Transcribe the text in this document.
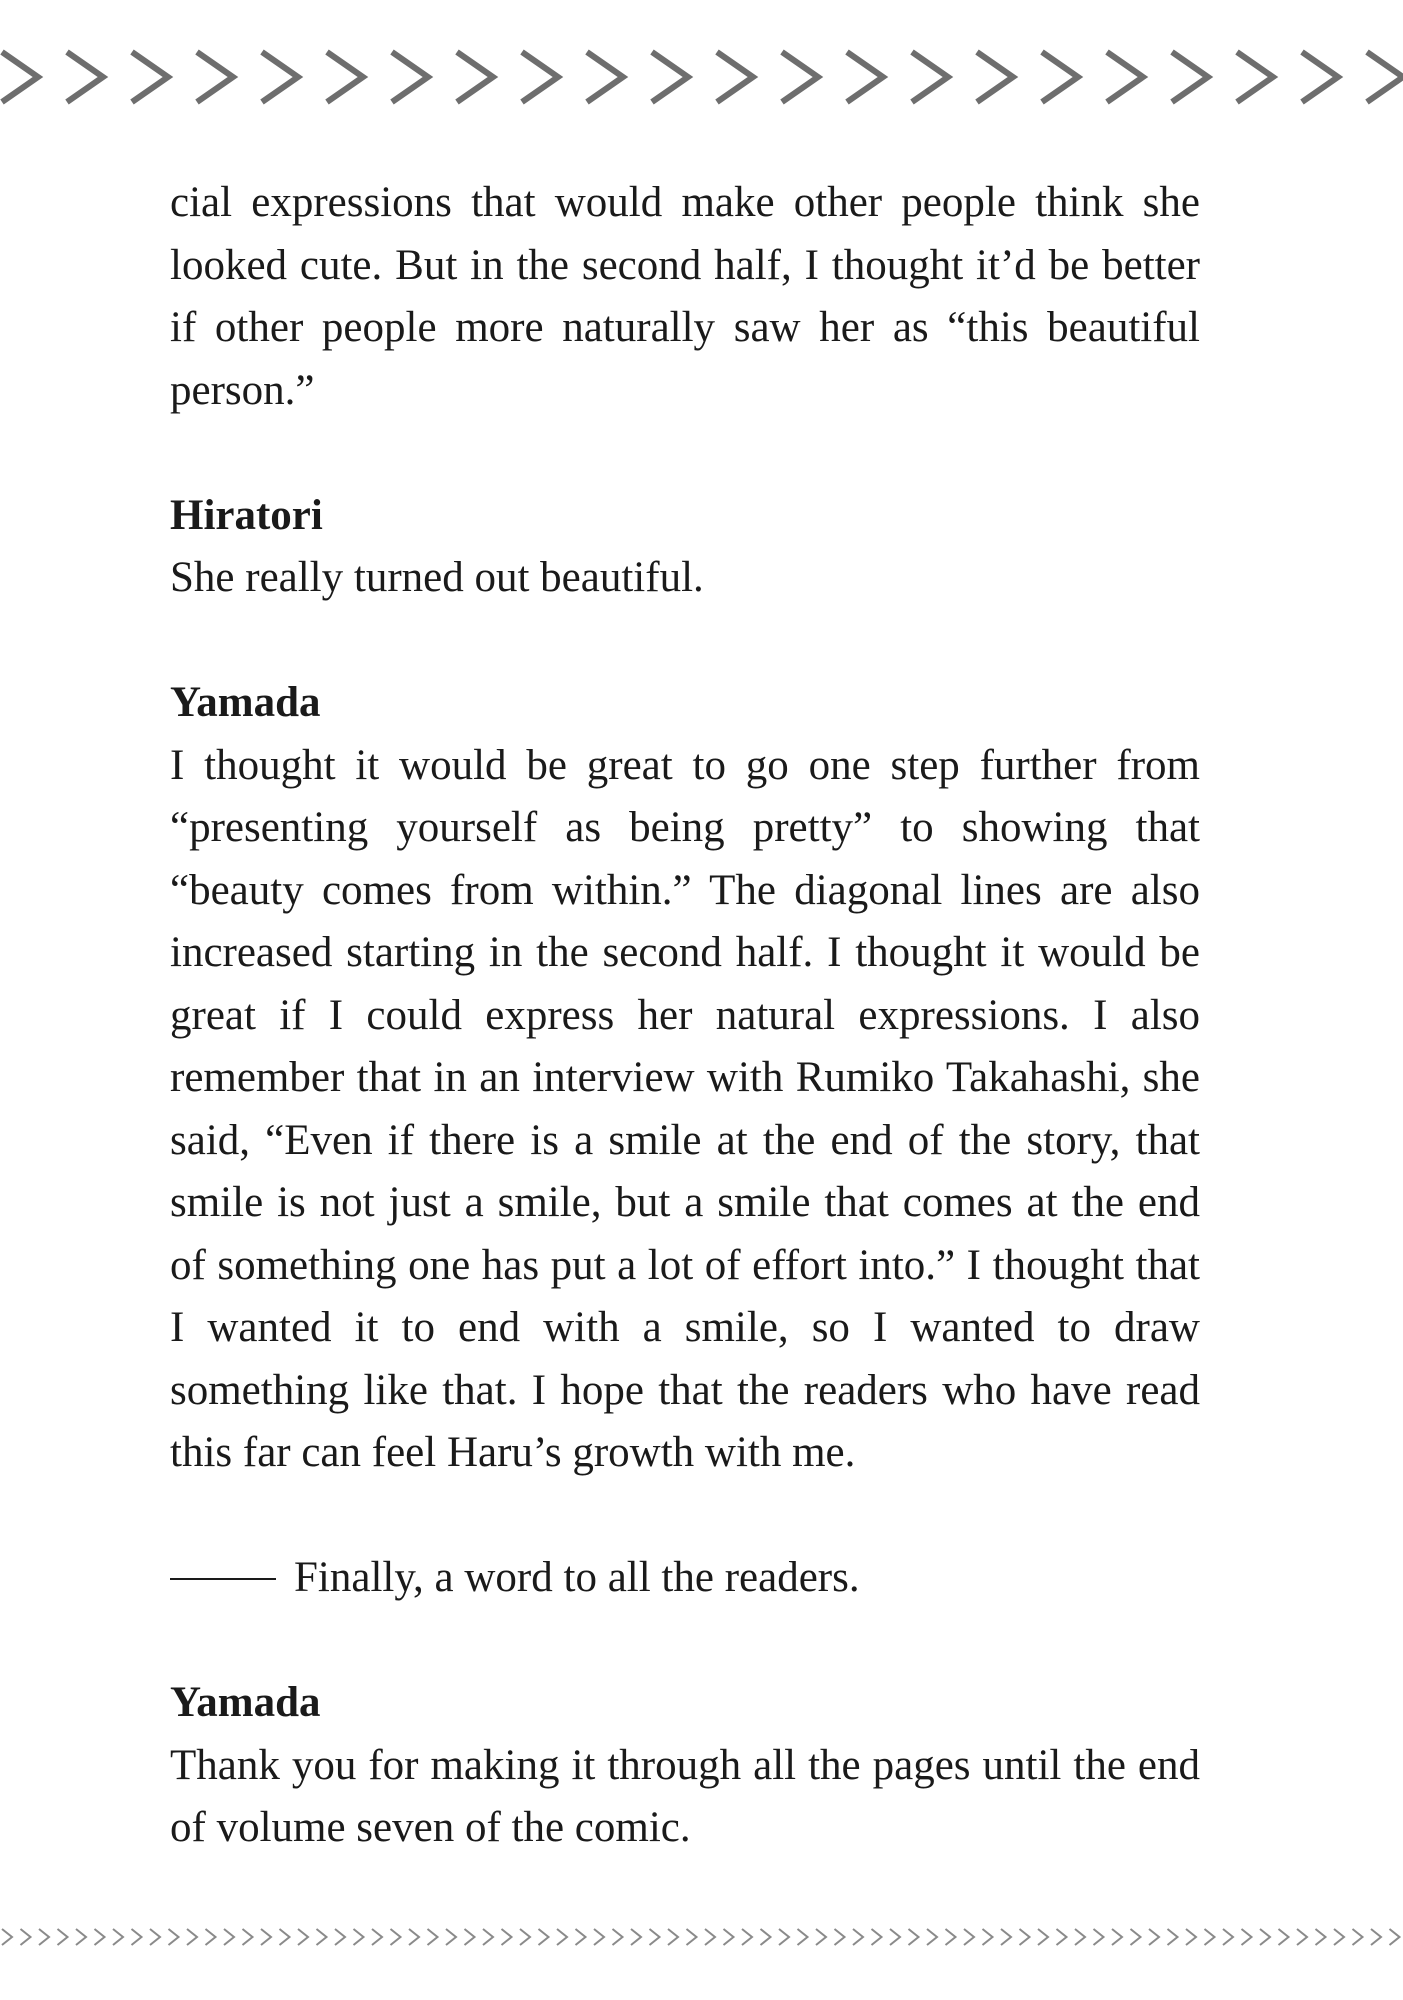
cial expressions that would make other people think she looked cute. But in the second half, I thought it’d be better if other people more naturally saw her as “this beautiful person.”

Hiratori

She really turned out beautiful.

Yamada

I thought it would be great to go one step further from “presenting yourself as being pretty” to showing that “beauty comes from within.” The diagonal lines are also increased starting in the second half. I thought it would be great if I could express her natural expressions. I also remember that in an interview with Rumiko Takahashi, she said, “Even if there is a smile at the end of the story, that smile is not just a smile, but a smile that comes at the end of something one has put a lot of effort into.” I thought that I wanted it to end with a smile, so I wanted to draw something like that. I hope that the readers who have read this far can feel Haru’s growth with me.

Finally, a word to all the readers.

Yamada

Thank you for making it through all the pages until the end of volume seven of the comic.
